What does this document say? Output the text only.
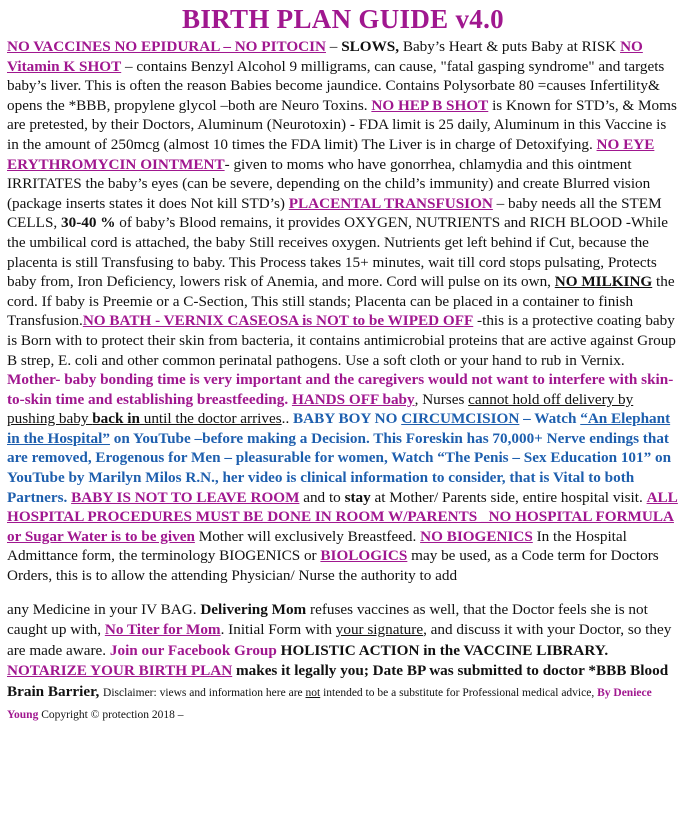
BIRTH PLAN GUIDE v4.0
NO VACCINES NO EPIDURAL – NO PITOCIN – SLOWS, Baby’s Heart & puts Baby at RISK NO Vitamin K SHOT – contains Benzyl Alcohol 9 milligrams, can cause, "fatal gasping syndrome" and targets baby’s liver. This is often the reason Babies become jaundice. Contains Polysorbate 80 =causes Infertility& opens the *BBB, propylene glycol –both are Neuro Toxins. NO HEP B SHOT is Known for STD’s, & Moms are pretested, by their Doctors, Aluminum (Neurotoxin) - FDA limit is 25 daily, Aluminum in this Vaccine is in the amount of 250mcg (almost 10 times the FDA limit) The Liver is in charge of Detoxifying. NO EYE ERYTHROMYCIN OINTMENT- given to moms who have gonorrhea, chlamydia and this ointment IRRITATES the baby’s eyes (can be severe, depending on the child’s immunity) and create Blurred vision (package inserts states it does Not kill STD’s) PLACENTAL TRANSFUSION – baby needs all the STEM CELLS, 30-40 % of baby’s Blood remains, it provides OXYGEN, NUTRIENTS and RICH BLOOD -While the umbilical cord is attached, the baby Still receives oxygen. Nutrients get left behind if Cut, because the placenta is still Transfusing to baby. This Process takes 15+ minutes, wait till cord stops pulsating, Protects baby from, Iron Deficiency, lowers risk of Anemia, and more. Cord will pulse on its own, NO MILKING the cord. If baby is Preemie or a C-Section, This still stands; Placenta can be placed in a container to finish Transfusion.NO BATH - VERNIX CASEOSA is NOT to be WIPED OFF -this is a protective coating baby is Born with to protect their skin from bacteria, it contains antimicrobial proteins that are active against Group B strep, E. coli and other common perinatal pathogens. Use a soft cloth or your hand to rub in Vernix. Mother- baby bonding time is very important and the caregivers would not want to interfere with skin-to-skin time and establishing breastfeeding. HANDS OFF baby, Nurses cannot hold off delivery by pushing baby back in until the doctor arrives.. BABY BOY NO CIRCUMCISION – Watch “An Elephant in the Hospital” on YouTube –before making a Decision. This Foreskin has 70,000+ Nerve endings that are removed, Erogenous for Men – pleasurable for women, Watch “The Penis – Sex Education 101” on YouTube by Marilyn Milos R.N., her video is clinical information to consider, that is Vital to both Partners. BABY IS NOT TO LEAVE ROOM and to stay at Mother/ Parents side, entire hospital visit. ALL HOSPITAL PROCEDURES MUST BE DONE IN ROOM W/PARENTS _NO HOSPITAL FORMULA or Sugar Water is to be given Mother will exclusively Breastfeed. NO BIOGENICS In the Hospital Admittance form, the terminology BIOGENICS or BIOLOGICS may be used, as a Code term for Doctors Orders, this is to allow the attending Physician/ Nurse the authority to add
any Medicine in your IV BAG. Delivering Mom refuses vaccines as well, that the Doctor feels she is not caught up with, No Titer for Mom. Initial Form with your signature, and discuss it with your Doctor, so they are made aware. Join our Facebook Group HOLISTIC ACTION in the VACCINE LIBRARY. NOTARIZE YOUR BIRTH PLAN makes it legally you; Date BP was submitted to doctor *BBB Blood Brain Barrier, Disclaimer: views and information here are not intended to be a substitute for Professional medical advice, By Deniece Young Copyright © protection 2018 –
